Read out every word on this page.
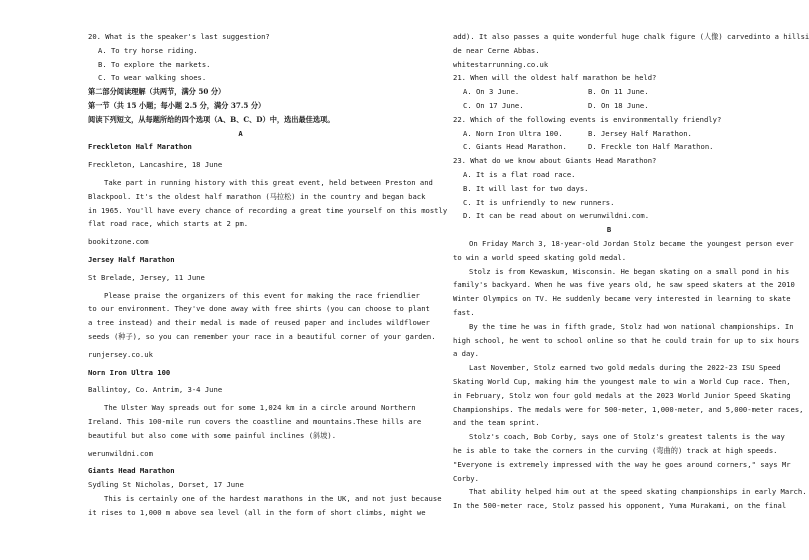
20. What is the speaker's last suggestion?
A. To try horse riding.
B. To explore the markets.
C. To wear walking shoes.
第二部分阅读理解（共两节，满分 50 分）
第一节（共 15 小题；每小题 2.5 分，满分 37.5 分）
阅读下列短文，从每题所给的四个选项（A、B、C、D）中，选出最佳选项。
A
Freckleton Half Marathon
Freckleton, Lancashire, 18 June
Take part in running history with this great event, held between Preston and
Blackpool. It's the oldest half marathon (马拉松) in the country and began back
in 1965. You'll have every chance of recording a great time yourself on this mostly
flat road race, which starts at 2 pm.
bookitzone.com
Jersey Half Marathon
St Brelade, Jersey, 11 June
Please praise the organizers of this event for making the race friendlier
to our environment. They've done away with free shirts (you can choose to plant
a tree instead) and their medal is made of reused paper and includes wildflower
seeds (种子), so you can remember your race in a beautiful corner of your garden.
runjersey.co.uk
Norn Iron Ultra 100
Ballintoy, Co. Antrim, 3-4 June
The Ulster Way spreads out for some 1,024 km in a circle around Northern
Ireland. This 100-mile run covers the coastline and mountains.These hills are
beautiful but also come with some painful inclines (斜坡).
werunwildni.com
Giants Head Marathon
Sydling St Nicholas, Dorset, 17 June
This is certainly one of the hardest marathons in the UK, and not just because
it rises to 1,000 m above sea level (all in the form of short climbs, might we
add). It also passes a quite wonderful huge chalk figure (人像) carvedinto a hillsi
de near Cerne Abbas.
whitestarrunning.co.uk
21. When will the oldest half marathon be held?
A. On 3 June.	B. On 11 June.
C. On 17 June.	D. On 18 June.
22. Which of the following events is environmentally friendly?
A. Norn Iron Ultra 100.	B. Jersey Half Marathon.
C. Giants Head Marathon.	D. Freckle ton Half Marathon.
23. What do we know about Giants Head Marathon?
A. It is a flat road race.
B. It will last for two days.
C. It is unfriendly to new runners.
D. It can be read about on werunwildni.com.
B
On Friday March 3, 18-year-old Jordan Stolz became the youngest person ever
to win a world speed skating gold medal.
Stolz is from Kewaskum, Wisconsin. He began skating on a small pond in his
family's backyard. When he was five years old, he saw speed skaters at the 2010
Winter Olympics on TV. He suddenly became very interested in learning to skate
fast.
By the time he was in fifth grade, Stolz had won national championships. In
high school, he went to school online so that he could train for up to six hours
a day.
Last November, Stolz earned two gold medals during the 2022-23 ISU Speed
Skating World Cup, making him the youngest male to win a World Cup race. Then,
in February, Stolz won four gold medals at the 2023 World Junior Speed Skating
Championships. The medals were for 500-meter, 1,000-meter, and 5,000-meter races,
and the team sprint.
Stolz's coach, Bob Corby, says one of Stolz's greatest talents is the way
he is able to take the corners in the curving (弯曲的) track at high speeds.
"Everyone is extremely impressed with the way he goes around corners," says Mr
Corby.
That ability helped him out at the speed skating championships in early March.
In the 500-meter race, Stolz passed his opponent, Yuma Murakami, on the final
